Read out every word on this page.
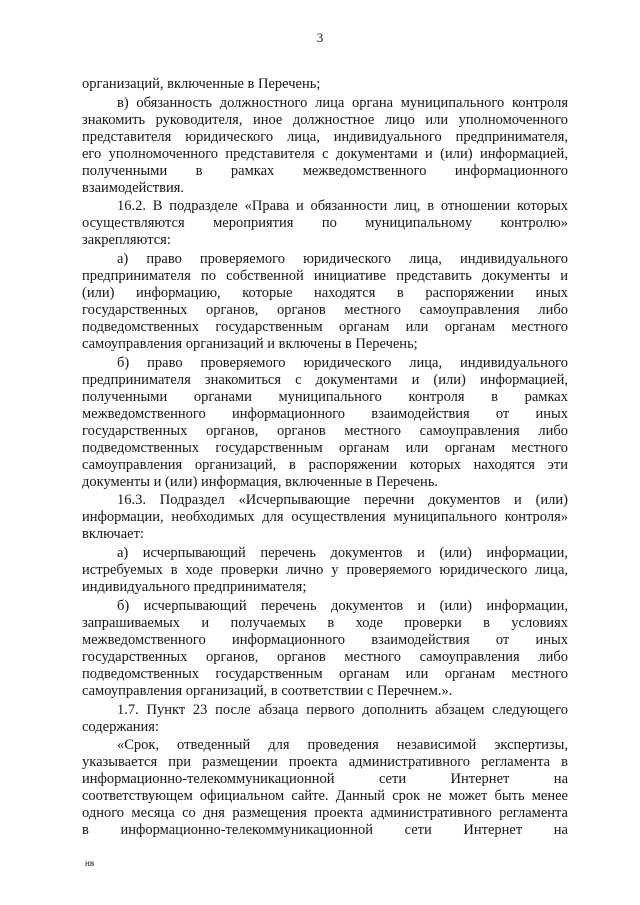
3
организаций, включенные в Перечень;
в) обязанность должностного лица органа муниципального контроля
знакомить руководителя, иное должностное лицо или уполномоченного
представителя юридического лица, индивидуального предпринимателя,
его уполномоченного представителя с документами и (или) информацией,
полученными в рамках межведомственного информационного
взаимодействия.
16.2. В подразделе «Права и обязанности лиц, в отношении которых
осуществляются мероприятия по муниципальному контролю»
закрепляются:
а) право проверяемого юридического лица, индивидуального
предпринимателя по собственной инициативе представить документы и
(или) информацию, которые находятся в распоряжении иных
государственных органов, органов местного самоуправления либо
подведомственных государственным органам или органам местного
самоуправления организаций и включены в Перечень;
б) право проверяемого юридического лица, индивидуального
предпринимателя знакомиться с документами и (или) информацией,
полученными органами муниципального контроля в рамках
межведомственного информационного взаимодействия от иных
государственных органов, органов местного самоуправления либо
подведомственных государственным органам или органам местного
самоуправления организаций, в распоряжении которых находятся эти
документы и (или) информация, включенные в Перечень.
16.3. Подраздел «Исчерпывающие перечни документов и (или)
информации, необходимых для осуществления муниципального контроля»
включает:
а) исчерпывающий перечень документов и (или) информации,
истребуемых в ходе проверки лично у проверяемого юридического лица,
индивидуального предпринимателя;
б) исчерпывающий перечень документов и (или) информации,
запрашиваемых и получаемых в ходе проверки в условиях
межведомственного информационного взаимодействия от иных
государственных органов, органов местного самоуправления либо
подведомственных государственным органам или органам местного
самоуправления организаций, в соответствии с Перечнем.».
1.7. Пункт 23 после абзаца первого дополнить абзацем следующего
содержания:
«Срок, отведенный для проведения независимой экспертизы,
указывается при размещении проекта административного регламента в
информационно-телекоммуникационной сети Интернет на
соответствующем официальном сайте. Данный срок не может быть менее
одного месяца со дня размещения проекта административного регламента
в информационно-телекоммуникационной сети Интернет на
нв
